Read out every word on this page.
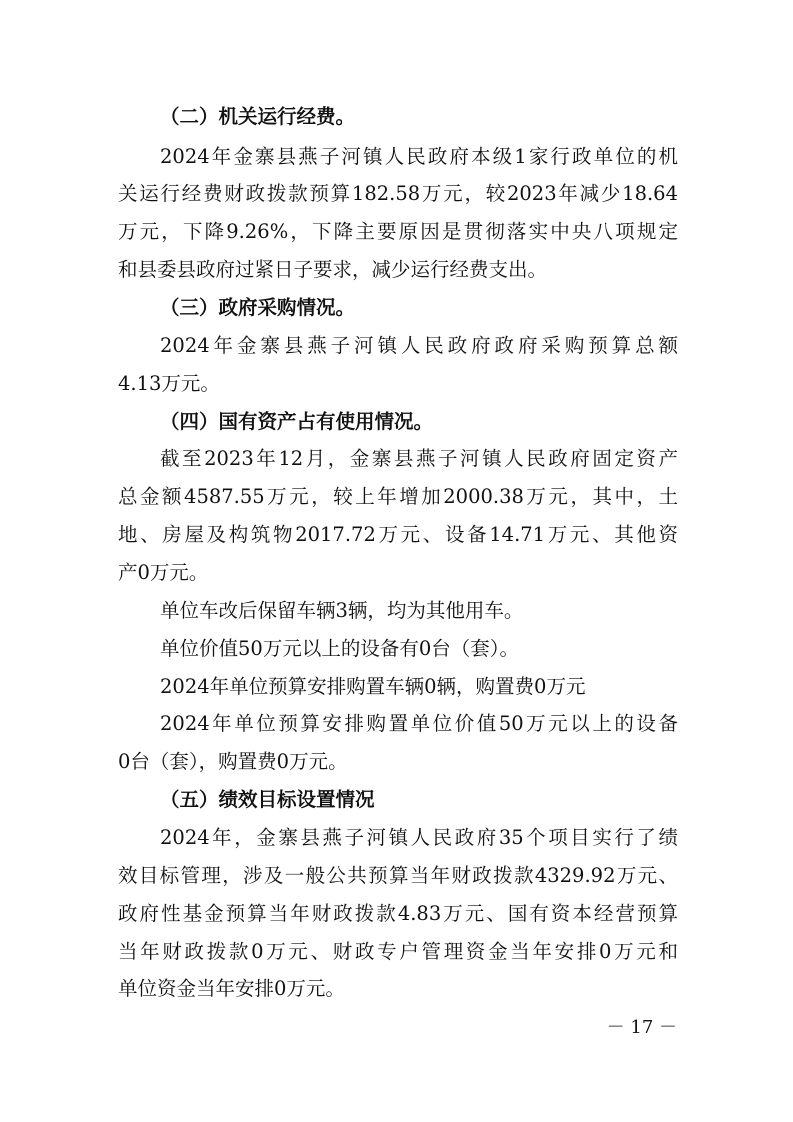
（二）机关运行经费。
2024年金寨县燕子河镇人民政府本级1家行政单位的机
关运行经费财政拨款预算182.58万元，较2023年减少18.64
万元，下降9.26%，下降主要原因是贯彻落实中央八项规定
和县委县政府过紧日子要求，减少运行经费支出。
（三）政府采购情况。
2024年金寨县燕子河镇人民政府政府采购预算总额
4.13万元。
（四）国有资产占有使用情况。
截至2023年12月，金寨县燕子河镇人民政府固定资产
总金额4587.55万元，较上年增加2000.38万元，其中，土
地、房屋及构筑物2017.72万元、设备14.71万元、其他资
产0万元。
单位车改后保留车辆3辆，均为其他用车。
单位价值50万元以上的设备有0台（套）。
2024年单位预算安排购置车辆0辆，购置费0万元
2024年单位预算安排购置单位价值50万元以上的设备
0台（套），购置费0万元。
（五）绩效目标设置情况
2024年，金寨县燕子河镇人民政府35个项目实行了绩
效目标管理，涉及一般公共预算当年财政拨款4329.92万元、
政府性基金预算当年财政拨款4.83万元、国有资本经营预算
当年财政拨款0万元、财政专户管理资金当年安排0万元和
单位资金当年安排0万元。
－ 17 －
